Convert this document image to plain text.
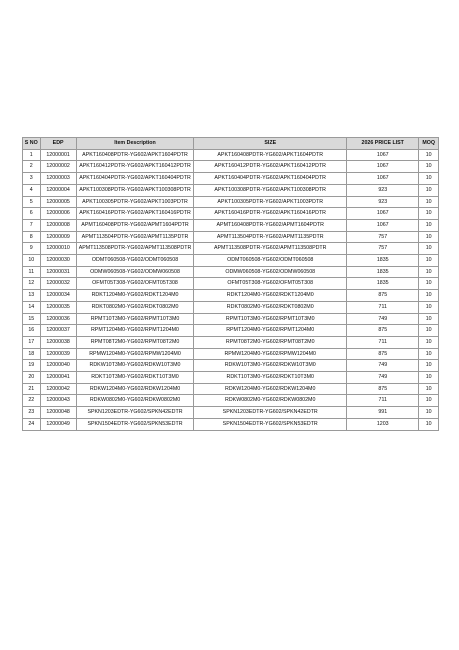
S NO	EDP	Item Description	SIZE	2026 PRICE LIST	MOQ
1	12000001	APKT160408PDTR-YG602/APKT1604PDTR	APKT160408PDTR-YG602/APKT1604PDTR	1067	10
2	12000002	APKT160412PDTR-YG602/APKT160412PDTR	APKT160412PDTR-YG602/APKT160412PDTR	1067	10
3	12000003	APKT160404PDTR-YG602/APKT160404PDTR	APKT160404PDTR-YG602/APKT160404PDTR	1067	10
4	12000004	APKT100308PDTR-YG602/APKT100308PDTR	APKT100308PDTR-YG602/APKT100308PDTR	923	10
5	12000005	APKT100305PDTR-YG602/APKT1003PDTR	APKT100305PDTR-YG602/APKT1003PDTR	923	10
6	12000006	APKT160416PDTR-YG602/APKT160416PDTR	APKT160416PDTR-YG602/APKT160416PDTR	1067	10
7	12000008	APMT160408PDTR-YG602/APMT1604PDTR	APMT160408PDTR-YG602/APMT1604PDTR	1067	10
8	12000009	APMT113504PDTR-YG602/APMT1135PDTR	APMT113504PDTR-YG602/APMT1135PDTR	757	10
9	12000010	APMT113508PDTR-YG602/APMT113508PDTR	APMT113508PDTR-YG602/APMT113508PDTR	757	10
10	12000030	ODMT060508-YG602/ODMT060508	ODMT060508-YG602/ODMT060508	1835	10
11	12000031	ODMW060508-YG602/ODMW060508	ODMW060508-YG602/ODMW060508	1835	10
12	12000032	OFMT05T308-YG602/OFMT05T308	OFMT05T308-YG602/OFMT05T308	1835	10
13	12000034	RDKT1204M0-YG602/RDKT1204M0	RDKT1204M0-YG602/RDKT1204M0	875	10
14	12000035	RDKT0802M0-YG602/RDKT0802M0	RDKT0802M0-YG602/RDKT0802M0	711	10
15	12000036	RPMT10T3M0-YG602/RPMT10T3M0	RPMT10T3M0-YG602/RPMT10T3M0	749	10
16	12000037	RPMT1204M0-YG602/RPMT1204M0	RPMT1204M0-YG602/RPMT1204M0	875	10
17	12000038	RPMT08T2M0-YG602/RPMT08T2M0	RPMT08T2M0-YG602/RPMT08T2M0	711	10
18	12000039	RPMW1204M0-YG602/RPMW1204M0	RPMW1204M0-YG602/RPMW1204M0	875	10
19	12000040	RDKW10T3M0-YG602/RDKW10T3M0	RDKW10T3M0-YG602/RDKW10T3M0	749	10
20	12000041	RDKT10T3M0-YG602/RDKT10T3M0	RDKT10T3M0-YG602/RDKT10T3M0	749	10
21	12000042	RDKW1204M0-YG602/RDKW1204M0	RDKW1204M0-YG602/RDKW1204M0	875	10
22	12000043	RDKW0802M0-YG602/RDKW0802M0	RDKW0802M0-YG602/RDKW0802M0	711	10
23	12000048	SPKN1203EDTR-YG602/SPKN42EDTR	SPKN1203EDTR-YG602/SPKN42EDTR	991	10
24	12000049	SPKN1504EDTR-YG602/SPKN53EDTR	SPKN1504EDTR-YG602/SPKN53EDTR	1203	10
